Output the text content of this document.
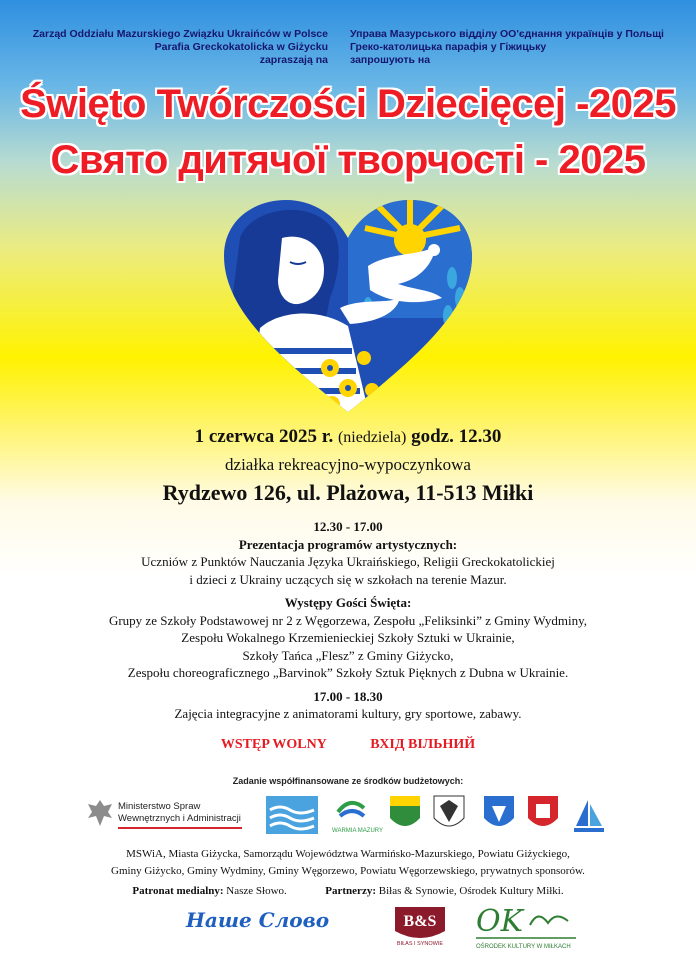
Zarząd Oddziału Mazurskiego Związku Ukraińców w Polsce
Parafia Greckokatolicka w Giżycku
zapraszają na
Управа Мазурського відділу ОО'єднання українців у Польщі
Греко-католицька парафія у Гіжицьку
запрошують на
Święto Twórczości Dziecięcej -2025
Свято дитячої творчості - 2025
1 czerwca 2025 r. (niedziela) godz. 12.30
działka rekreacyjno-wypoczynkowa
Rydzewo 126, ul. Plażowa, 11-513 Miłki
12.30 - 17.00
Prezentacja programów artystycznych:
Uczniów z Punktów Nauczania Języka Ukraińskiego, Religii Greckokatolickiej
i dzieci z Ukrainy uczących się w szkołach na terenie Mazur.
Występy Gości Święta:
Grupy ze Szkoły Podstawowej nr 2 z Węgorzewa, Zespołu „Feliksinki” z Gminy Wydminy,
Zespołu Wokalnego Krzemienieckiej Szkoły Sztuki w Ukrainie,
Szkoły Tańca „Flesz” z Gminy Giżycko,
Zespołu choreograficznego „Barvinok” Szkoły Sztuk Pięknych z Dubna w Ukrainie.
17.00 - 18.30
Zajęcia integracyjne z animatorami kultury, gry sportowe, zabawy.
WSTĘP WOLNY	ВХІД ВІЛЬНИЙ
Zadanie współfinansowane ze środków budżetowych:
Ministerstwo Spraw
Wewnętrznych i Administracji
WARMIA MAZURY
MSWiA, Miasta Giżycka, Samorządu Województwa Warmińsko-Mazurskiego, Powiatu Giżyckiego,
Gminy Giżycko, Gminy Wydminy, Gminy Węgorzewo, Powiatu Węgorzewskiego, prywatnych sponsorów.
Patronat medialny: Nasze Słowo.	Partnerzy: Biłas & Synowie, Ośrodek Kultury Miłki.
Наше Слово	B&S
BIŁAS I SYNOWIE
OK
OŚRODEK KULTURY W MIŁKACH
